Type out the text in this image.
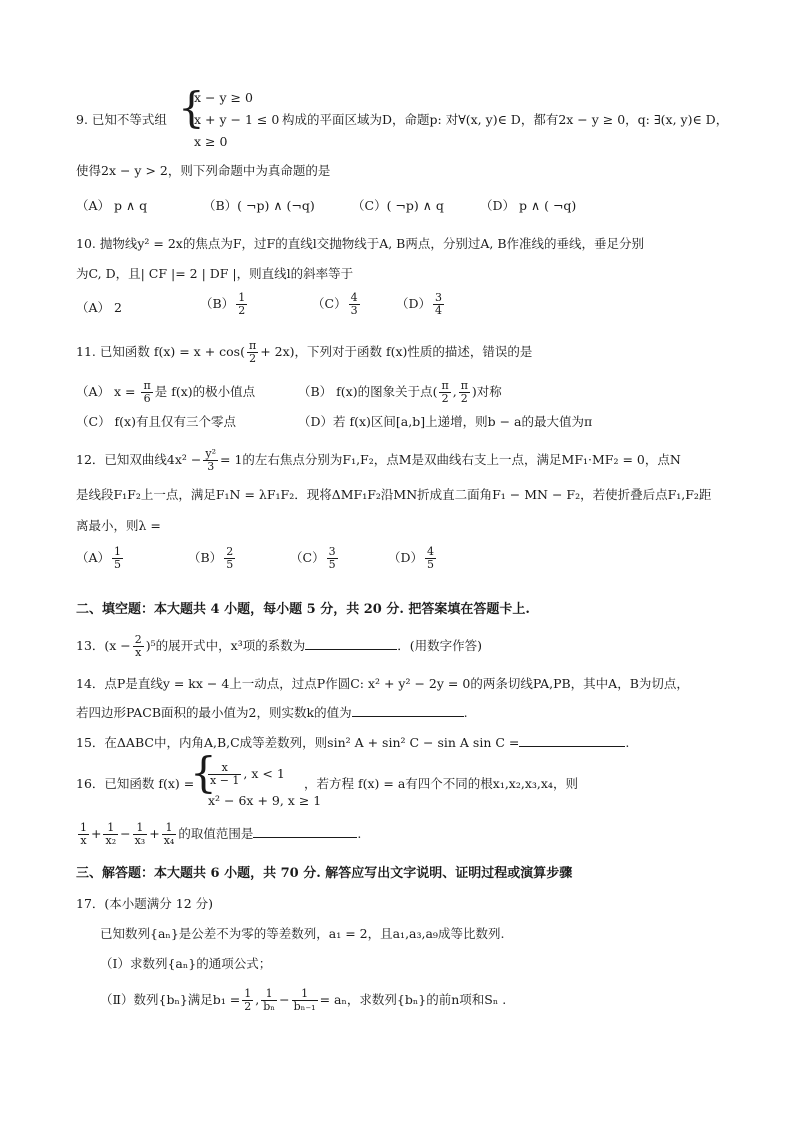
9. 已知不等式组 {
x − y ≥ 0
x + y − 1 ≤ 0
x ≥ 0
构成的平面区域为D，命题p: 对∀(x, y)∈ D，都有2x − y ≥ 0，q: ∃(x, y)∈ D，
使得2x − y > 2，则下列命题中为真命题的是
（A） p ∧ q	（B）( ¬p) ∧ (¬q)	（C）( ¬p) ∧ q	（D） p ∧ ( ¬q)
10. 抛物线y² = 2x的焦点为F，过F的直线l交抛物线于A, B两点，分别过A, B作准线的垂线，垂足分别
为C, D，且| CF |= 2 | DF |，则直线l的斜率等于
（A） 2	$(B) \frac{1}{2}$	$(C) \frac{4}{3}$	$(D) \frac{3}{4}$
11. 已知函数 $f(x) = x + \cos( \frac{\pi}{2} + 2x)$，下列对于函数 f(x)性质的描述，错误的是
（A） $x = \frac{\pi}{6}$ 是 f(x)的极小值点	（B） f(x)的图象关于点( $\frac{\pi}{2}$ , $\frac{\pi}{2}$ )对称
（C） f(x)有且仅有三个零点	（D）若 f(x)区间[a,b]上递增，则b − a的最大值为π
12．已知双曲线$4x^2 - \frac{\text{y²}}{3} = 1$的左右焦点分别为F₁,F₂，点M是双曲线右支上一点，满足MF₁·MF₂ = 0，点N
是线段F₁F₂上一点，满足F₁N = λF₁F₂．现将ΔMF₁F₂沿MN折成直二面角F₁ − MN − F₂，若使折叠后点F₁,F₂距
离最小，则λ =
$(A) \frac{1}{5}$	$(B) \frac{2}{5}$	$(C) \frac{3}{5}$	$(D) \frac{4}{5}$
二、填空题：本大题共 4 小题，每小题 5 分，共 20 分. 把答案填在答题卡上.
13．$(x - \frac{2}{x} )^5$的展开式中，x³项的系数为	．(用数字作答)
14．点P是直线y = kx − 4上一动点，过点P作圆C: x² + y² − 2y = 0的两条切线PA,PB，其中A，B为切点，
若四边形PACB面积的最小值为2，则实数k的值为	.
15．在ΔABC中，内角A,B,C成等差数列，则sin² A + sin² C − sin A sin C =	.
16．已知函数 f(x) =
{
$\frac{x}{x - 1}$ , x < 1
x² − 6x + 9, x ≥ 1
，若方程 f(x) = a有四个不同的根x₁,x₂,x₃,x₄，则
$\frac{1}{x} + \frac{1}{\text{x₂}} - \frac{1}{\text{x₃}} + \frac{1}{\text{x₄}}$ 的取值范围是	.
三、解答题：本大题共 6 小题，共 70 分. 解答应写出文字说明、证明过程或演算步骤
17．(本小题满分 12 分)
已知数列{aₙ}是公差不为零的等差数列，a₁ = 2，且a₁,a₃,a₉成等比数列.
（Ⅰ）求数列{aₙ}的通项公式；
（Ⅱ）数列{bₙ}满足$b_1 = \frac{1}{2}$ , $\frac{1}{\text{bₙ}} - \frac{1}{\text{bₙ₋₁}} = a_n$，求数列{bₙ}的前n项和Sₙ .
